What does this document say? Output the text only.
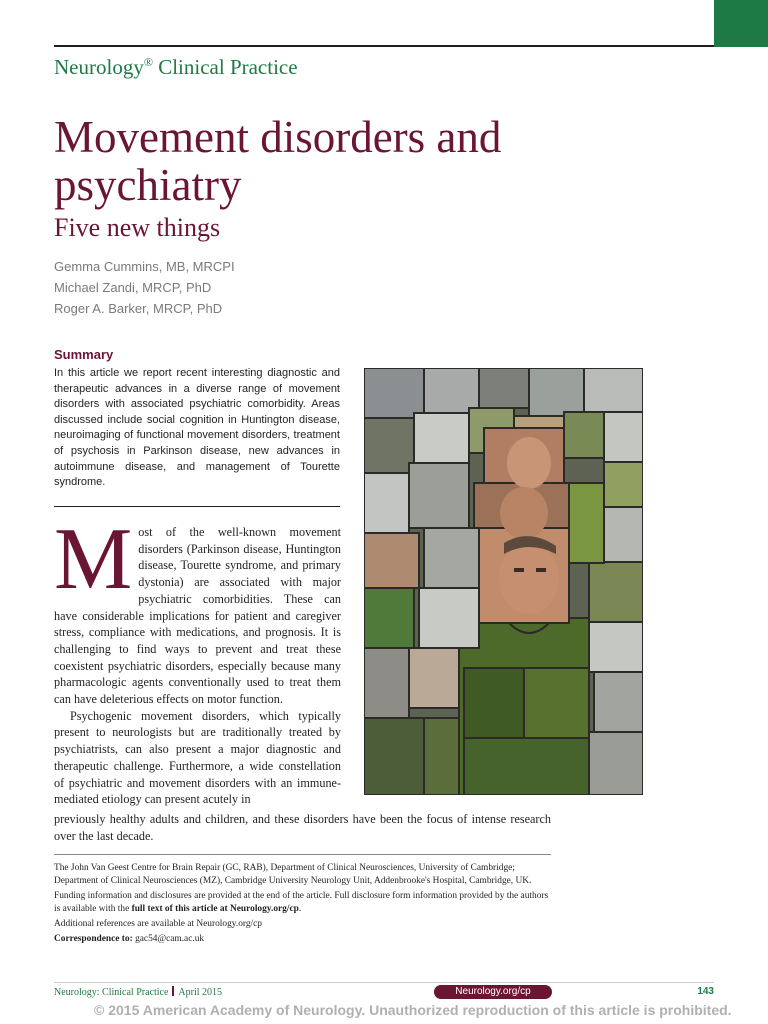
Neurology® Clinical Practice
Movement disorders and psychiatry
Five new things
Gemma Cummins, MB, MRCPI
Michael Zandi, MRCP, PhD
Roger A. Barker, MRCP, PhD
Summary

In this article we report recent interesting diagnostic and therapeutic advances in a diverse range of movement disorders with associated psychiatric comorbidity. Areas discussed include social cognition in Huntington disease, neuroimaging of functional movement disorders, treatment of psychosis in Parkinson disease, new advances in autoimmune disease, and management of Tourette syndrome.

M ost of the well-known movement disorders (Parkinson disease, Huntington disease, Tourette syndrome, and primary dystonia) are associated with major psychiatric comorbidities. These can have considerable implications for patient and caregiver stress, compliance with medications, and prognosis. It is challenging to find ways to prevent and treat these coexistent psychiatric disorders, especially because many pharmacologic agents conventionally used to treat them can have deleterious effects on motor function.

Psychogenic movement disorders, which typically present to neurologists but are traditionally treated by psychiatrists, can also present a major diagnostic and therapeutic challenge. Furthermore, a wide constellation of psychiatric and movement disorders with an immune-mediated etiology can present acutely in

previously healthy adults and children, and these disorders have been the focus of intense research over the last decade.

The John Van Geest Centre for Brain Repair (GC, RAB), Department of Clinical Neurosciences, University of Cambridge; Department of Clinical Neurosciences (MZ), Cambridge University Neurology Unit, Addenbrooke's Hospital, Cambridge, UK.

Funding information and disclosures are provided at the end of the article. Full disclosure form information provided by the authors is available with the full text of this article at Neurology.org/cp.

Additional references are available at Neurology.org/cp

Correspondence to: gac54@cam.ac.uk

Neurology: Clinical Practice April 2015	Neurology.org/cp	143
© 2015 American Academy of Neurology. Unauthorized reproduction of this article is prohibited.
